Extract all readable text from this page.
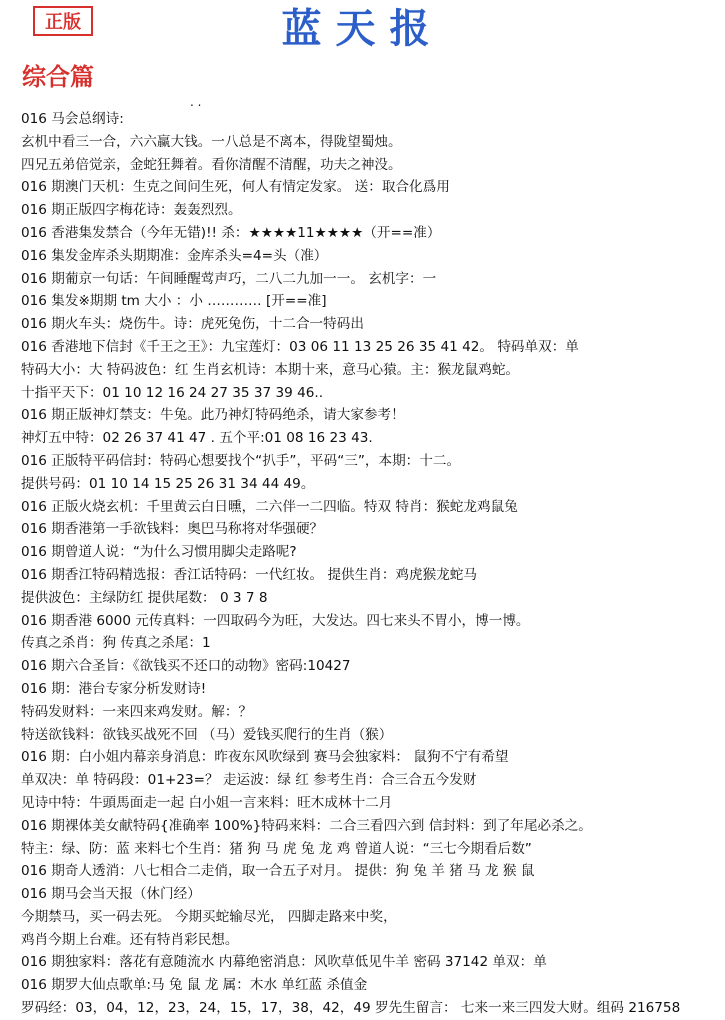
正版	蓝天报
综合篇
. .
016 马会总纲诗:
玄机中看三一合，六六赢大钱。一八总是不离本，得陇望蜀烛。
四兄五弟倍觉亲，金蛇狂舞着。看你清醒不清醒，功夫之神没。
016 期澳门天机：生克之间问生死，何人有情定发家。 送：取合化爲用
016 期正版四字梅花诗：轰轰烈烈。
016 香港集发禁合（今年无错)!! 杀：★★★★11★★★★（开==准）
016 集发金库杀头期期准：金库杀头=4=头（准）
016 期葡京一句话：午间睡醒莺声巧，二八二九加一一。 玄机字：一
016 集发※期期 tm 大小 ：小 ………… [开==准]
016 期火车头：烧伤牛。诗：虎死兔伤，十二合一特码出
016 香港地下信封《千王之王》：九宝莲灯：03 06 11 13 25 26 35 41 42。 特码单双：单
特码大小：大 特码波色：红 生肖玄机诗：本期十来，意马心猿。主：猴龙鼠鸡蛇。
十指平天下：01 10 12 16 24 27 35 37 39 46..
016 期正版神灯禁支：牛兔。此乃神灯特码绝杀，请大家参考！
神灯五中特：02 26 37 41 47 . 五个平:01 08 16 23 43.
016 正版特平码信封：特码心想要找个“扒手”，平码“三”，本期：十二。
提供号码：01 10 14 15 25 26 31 34 44 49。
016 正版火烧玄机：千里黄云白日曛，二六伴一二四临。特双 特肖：猴蛇龙鸡鼠兔
016 期香港第一手欲钱料：奥巴马称将对华强硬？
016 期曾道人说：“为什么习惯用脚尖走路呢?
016 期香江特码精选报：香江话特码：一代红妆。 提供生肖：鸡虎猴龙蛇马
提供波色：主绿防红 提供尾数： 0 3 7 8
016 期香港 6000 元传真料：一四取码今为旺，大发达。四七来头不胃小，博一博。
传真之杀肖：狗 传真之杀尾：1
016 期六合圣旨：《欲钱买不还口的动物》密码:10427
016 期：港台专家分析发财诗!
特码发财料：一来四来鸡发财。解：？
特送欲钱料：欲钱买战死不回 （马）爱钱买爬行的生肖（猴）
016 期：白小姐内幕亲身消息：昨夜东风吹绿到 赛马会独家料： 鼠狗不宁有希望
单双决：单 特码段：01+23=？ 走运波：绿 红 参考生肖：合三合五今发财
见诗中特：牛頭馬面走一起 白小姐一言来料：旺木成林十二月
016 期裸体美女献特码{准确率 100%}特码来料：二合三看四六到 信封料：到了年尾必杀之。
特主：绿、防：蓝 来料七个生肖：猪 狗 马 虎 兔 龙 鸡 曾道人说：“三七今期看后数”
016 期奇人透消：八七相合二走俏，取一合五子对月。 提供：狗 兔 羊 猪 马 龙 猴 鼠
016 期马会当天报（休门经）
今期禁马，买一码去死。 今期买蛇输尽光， 四脚走路来中奖，
鸡肖今期上台难。还有特肖彩民想。
016 期独家料：落花有意随流水 内幕绝密消息：风吹草低见牛羊 密码 37142 单双：单
016 期罗大仙点歌单:马 兔 鼠 龙 属：木水 单红蓝 杀值金
罗码经：03，04，12，23，24，15，17，38，42，49 罗先生留言： 七来一来三四发大财。组码 216758
